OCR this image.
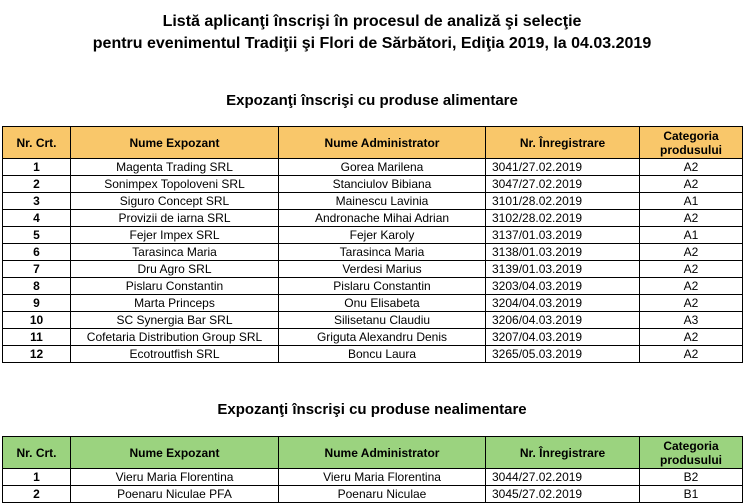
Listă aplicanţi înscrişi în procesul de analiză şi selecţie
pentru evenimentul Tradiţii şi Flori de Sărbători, Ediţia 2019, la 04.03.2019
Expozanţi înscrişi cu produse alimentare
Nr. Crt.	Nume Expozant	Nume Administrator	Nr. Înregistrare	Categoria produsului
1	Magenta Trading SRL	Gorea Marilena	3041/27.02.2019	A2
2	Sonimpex Topoloveni SRL	Stanciulov Bibiana	3047/27.02.2019	A2
3	Siguro Concept SRL	Mainescu Lavinia	3101/28.02.2019	A1
4	Provizii de iarna SRL	Andronache Mihai Adrian	3102/28.02.2019	A2
5	Fejer Impex SRL	Fejer Karoly	3137/01.03.2019	A1
6	Tarasinca Maria	Tarasinca Maria	3138/01.03.2019	A2
7	Dru Agro SRL	Verdesi Marius	3139/01.03.2019	A2
8	Pislaru Constantin	Pislaru Constantin	3203/04.03.2019	A2
9	Marta Princeps	Onu Elisabeta	3204/04.03.2019	A2
10	SC Synergia Bar SRL	Silisetanu Claudiu	3206/04.03.2019	A3
11	Cofetaria Distribution Group SRL	Griguta Alexandru Denis	3207/04.03.2019	A2
12	Ecotroutfish SRL	Boncu Laura	3265/05.03.2019	A2
Expozanţi înscrişi cu produse nealimentare
Nr. Crt.	Nume Expozant	Nume Administrator	Nr. Înregistrare	Categoria produsului
1	Vieru Maria Florentina	Vieru Maria Florentina	3044/27.02.2019	B2
2	Poenaru Niculae PFA	Poenaru Niculae	3045/27.02.2019	B1
